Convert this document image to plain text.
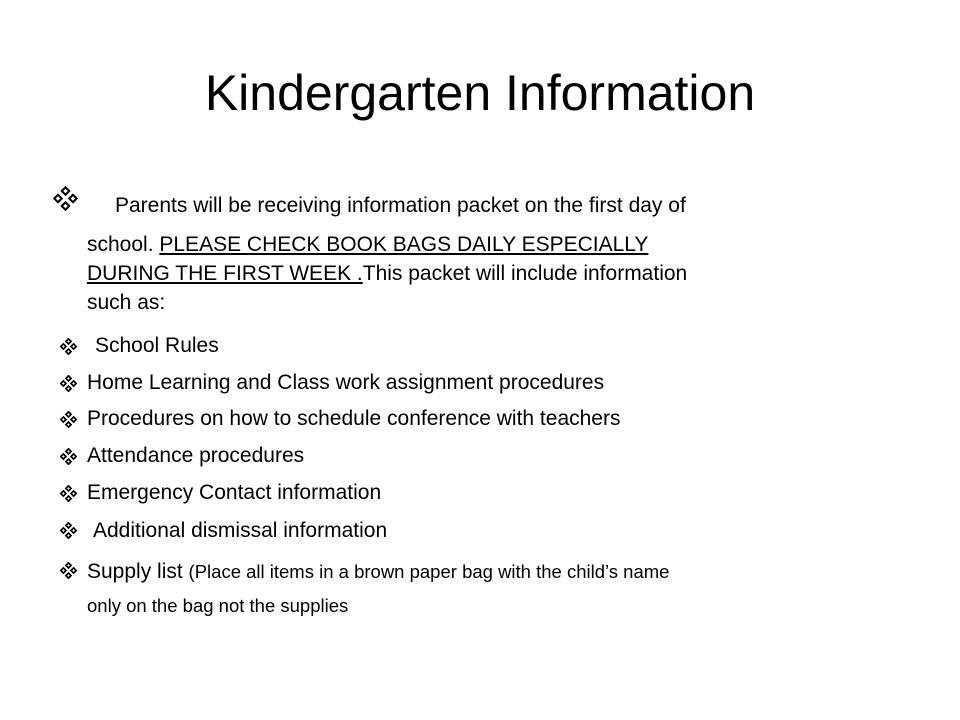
Kindergarten Information
Parents will be receiving information packet on the first day of
school. PLEASE CHECK BOOK BAGS DAILY ESPECIALLY
DURING THE FIRST WEEK .This packet will include information
such as:
School Rules
Home Learning and Class work assignment procedures
Procedures on how to schedule conference with teachers
Attendance procedures
Emergency Contact information
Additional dismissal information
Supply list (Place all items in a brown paper bag with the child’s name
only on the bag not the supplies
